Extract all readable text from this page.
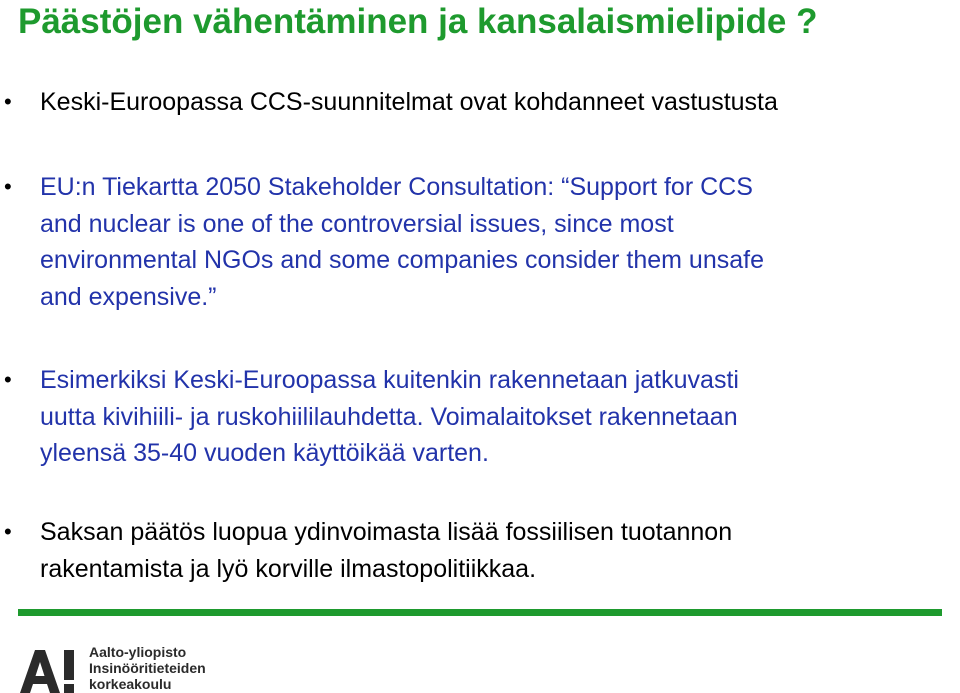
Päästöjen vähentäminen ja kansalaismielipide ?
• Keski-Euroopassa CCS-suunnitelmat ovat kohdanneet vastustusta
• EU:n Tiekartta 2050 Stakeholder Consultation: “Support for CCS
and nuclear is one of the controversial issues, since most
environmental NGOs and some companies consider them unsafe
and expensive.”
• Esimerkiksi Keski-Euroopassa kuitenkin rakennetaan jatkuvasti
uutta kivihiili- ja ruskohiililauhdetta. Voimalaitokset rakennetaan
yleensä 35-40 vuoden käyttöikää varten.
• Saksan päätös luopua ydinvoimasta lisää fossiilisen tuotannon
rakentamista ja lyö korville ilmastopolitiikkaa.
Aalto-yliopisto
Insinööritieteiden
korkeakoulu
